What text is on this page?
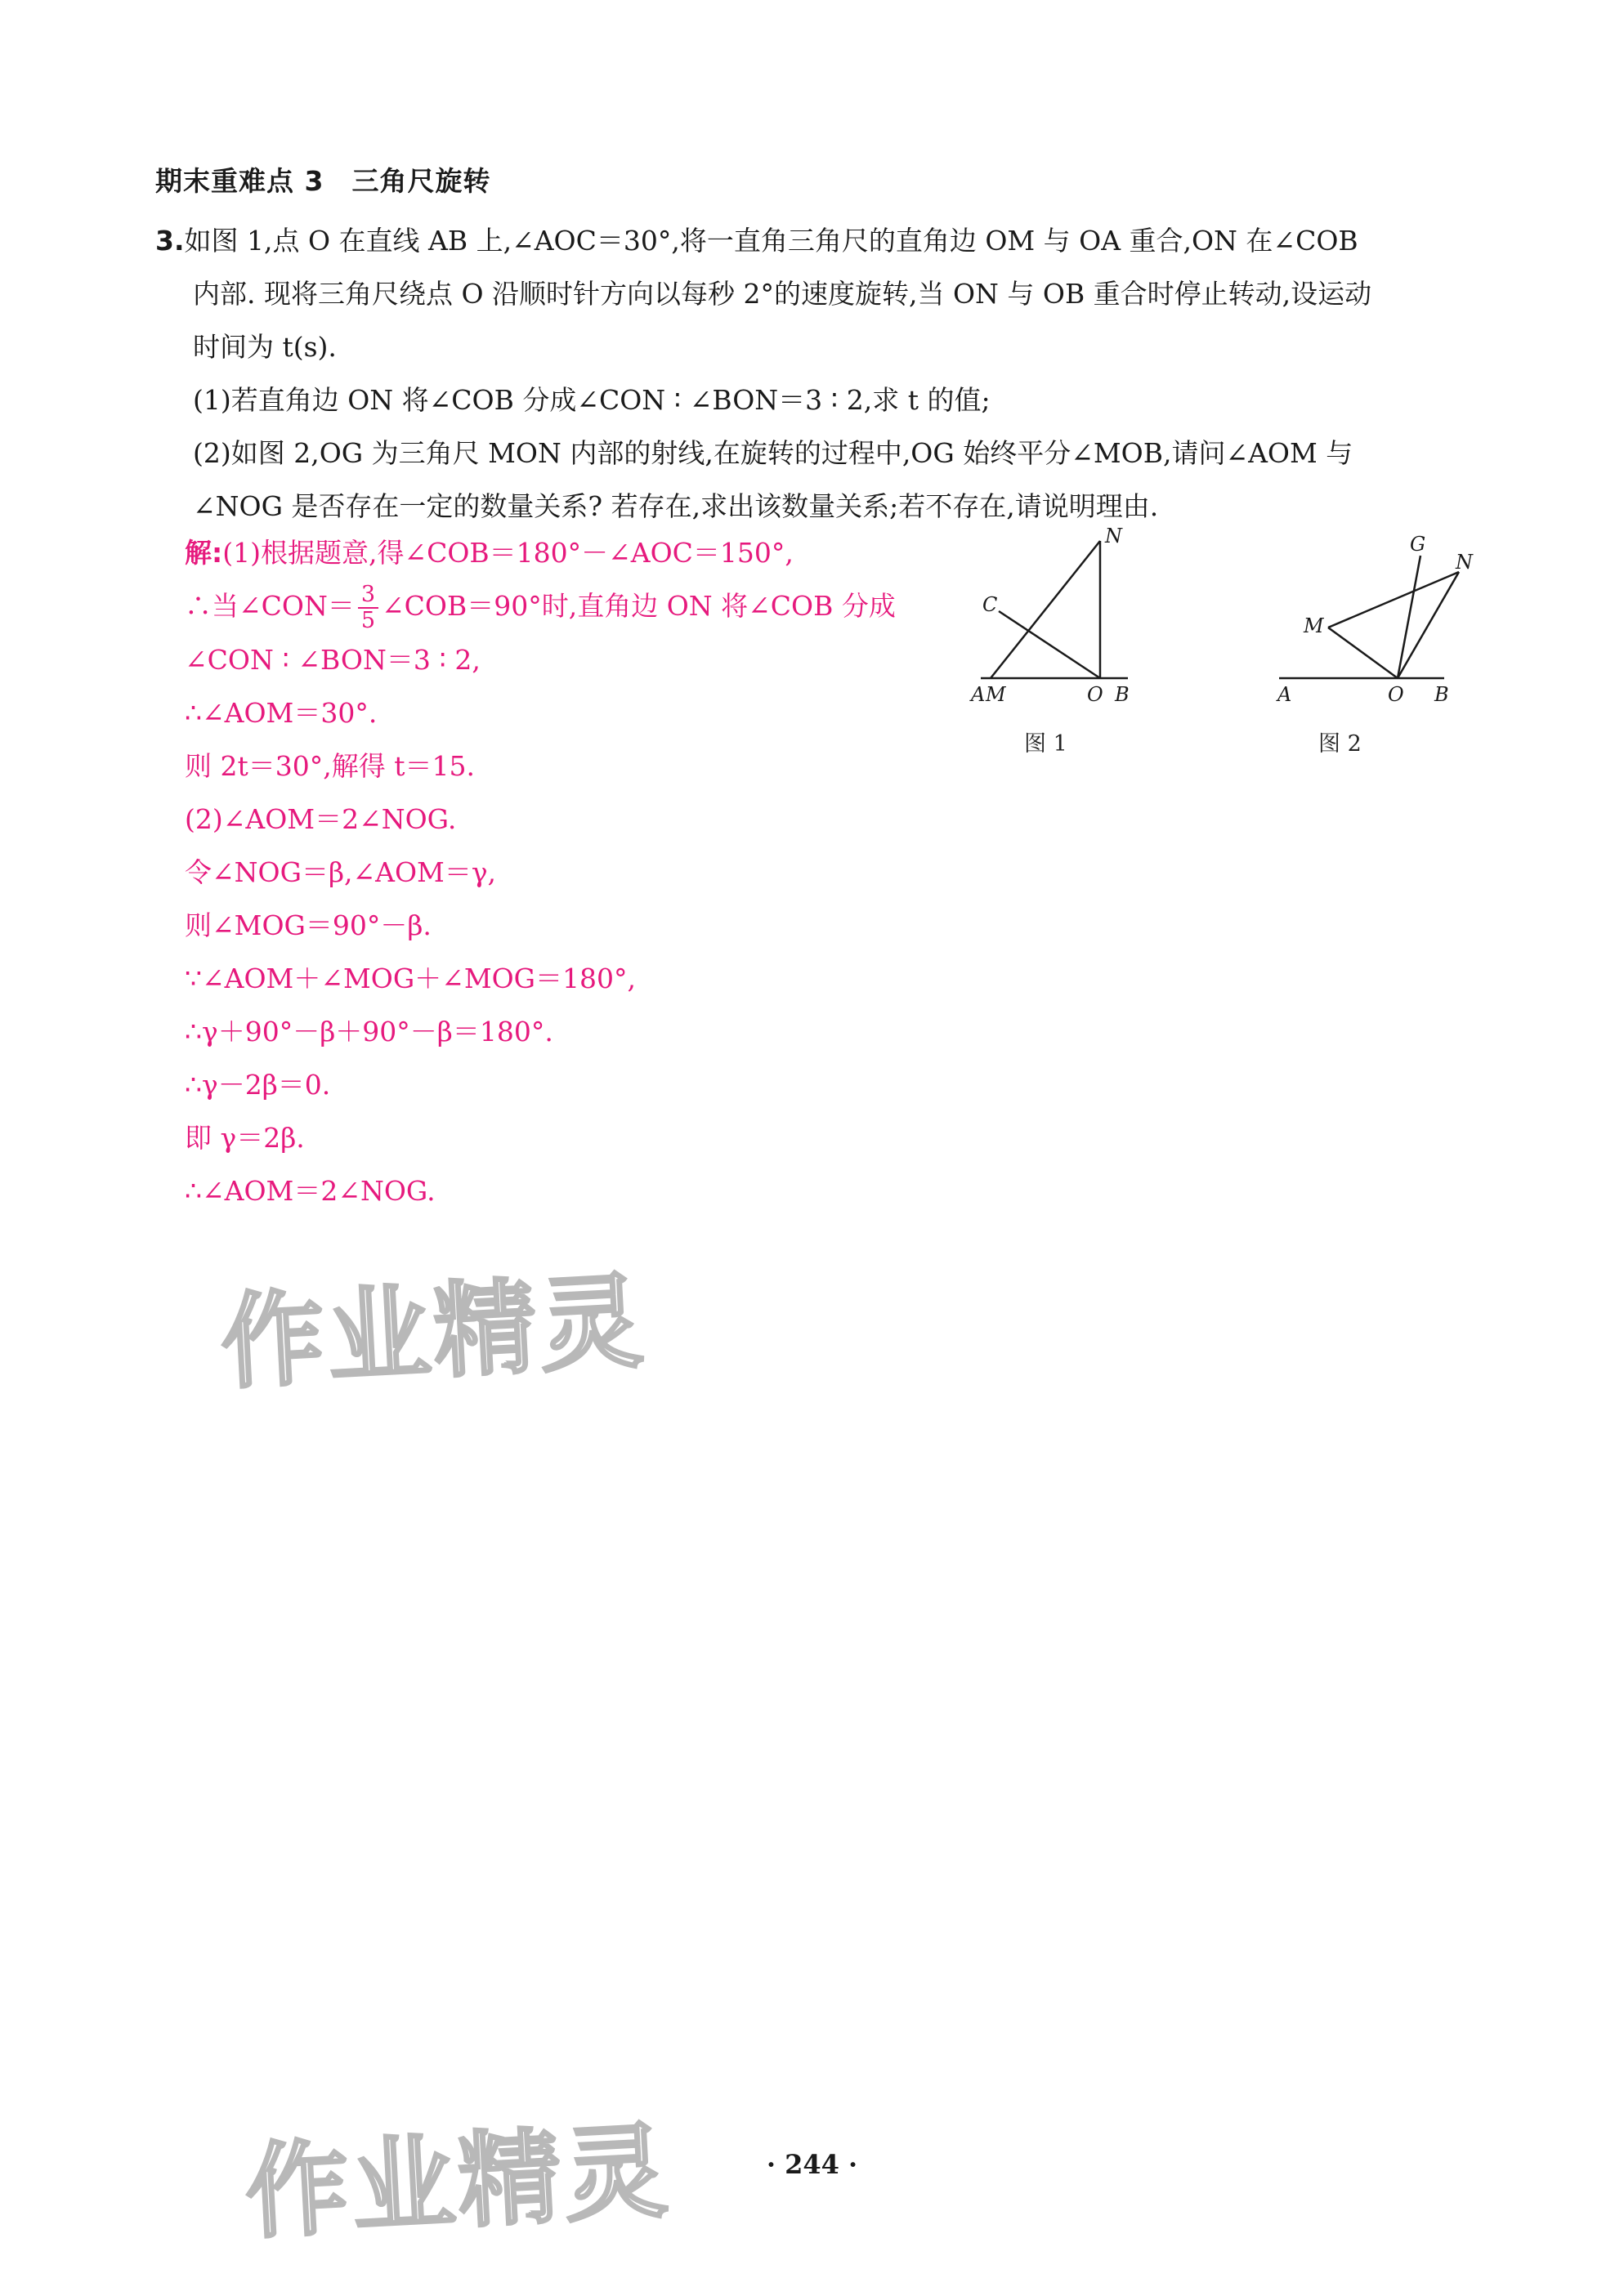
期末重难点 3　三角尺旋转

3.如图 1,点 O 在直线 AB 上,∠AOC＝30°,将一直角三角尺的直角边 OM 与 OA 重合,ON 在∠COB

内部. 现将三角尺绕点 O 沿顺时针方向以每秒 2°的速度旋转,当 ON 与 OB 重合时停止转动,设运动

时间为 t(s).

(1)若直角边 ON 将∠COB 分成∠CON ∶ ∠BON＝3 ∶ 2,求 t 的值;

(2)如图 2,OG 为三角尺 MON 内部的射线,在旋转的过程中,OG 始终平分∠MOB,请问∠AOM 与

∠NOG 是否存在一定的数量关系? 若存在,求出该数量关系;若不存在,请说明理由.

解:(1)根据题意,得∠COB＝180°－∠AOC＝150°,

∴当∠CON＝ $\frac{3}{5}$ ∠COB＝90°时,直角边 ON 将∠COB 分成

∠CON ∶ ∠BON＝3 ∶ 2,

∴∠AOM＝30°.

则 2t＝30°,解得 t＝15.

(2)∠AOM＝2∠NOG.

令∠NOG＝β,∠AOM＝γ,

则∠MOG＝90°－β.

∵∠AOM＋∠MOG＋∠MOG＝180°,

∴γ＋90°－β＋90°－β＝180°.

∴γ－2β＝0.

即 γ＝2β.

∴∠AOM＝2∠NOG.

A M	O B
C
N
图 1
A	O B
M
G
N
图 2
作业精灵
作业精灵	· 244 ·
